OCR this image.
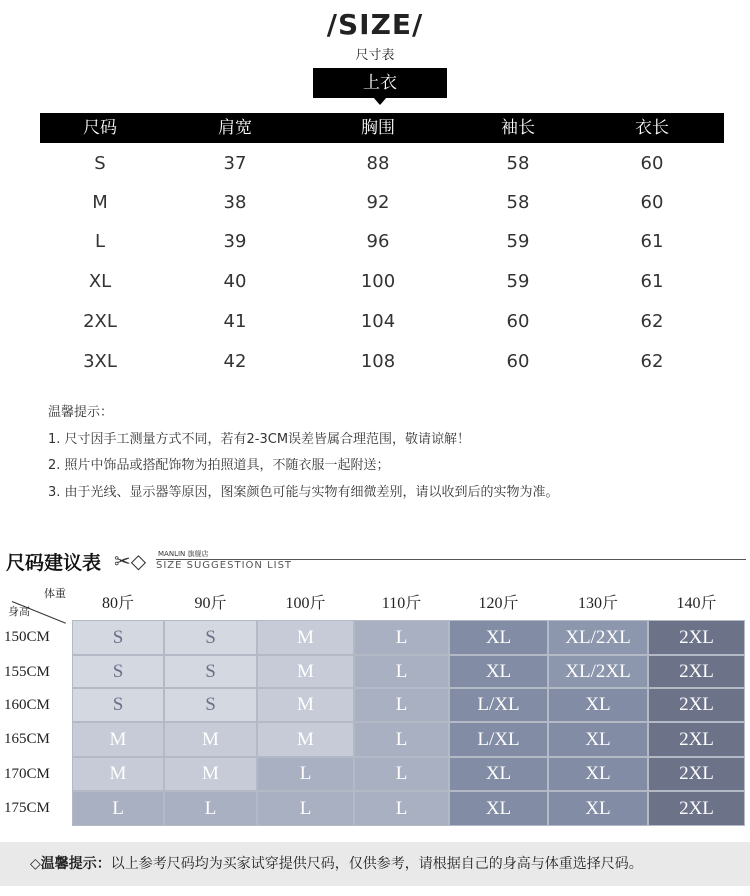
/SIZE/
尺寸表
上衣
尺码	肩宽	胸围	袖长	衣长
S	37	88	58	60
M	38	92	58	60
L	39	96	59	61
XL	40	100	59	61
2XL	41	104	60	62
3XL	42	108	60	62
温馨提示：
1. 尺寸因手工测量方式不同，若有2-3CM误差皆属合理范围，敬请谅解！
2. 照片中饰品或搭配饰物为拍照道具，不随衣服一起附送；
3. 由于光线、显示器等原因，图案颜色可能与实物有细微差别，请以收到后的实物为准。
尺码建议表 ✂◇ MANLIN 旗舰店
SIZE SUGGESTION LIST
体重
身高	80斤	90斤	100斤	110斤	120斤	130斤	140斤
150CM	S	S	M	L	XL	XL/2XL	2XL
155CM	S	S	M	L	XL	XL/2XL	2XL
160CM	S	S	M	L	L/XL	XL	2XL
165CM	M	M	M	L	L/XL	XL	2XL
170CM	M	M	L	L	XL	XL	2XL
175CM	L	L	L	L	XL	XL	2XL
◇温馨提示：以上参考尺码均为买家试穿提供尺码，仅供参考，请根据自己的身高与体重选择尺码。
